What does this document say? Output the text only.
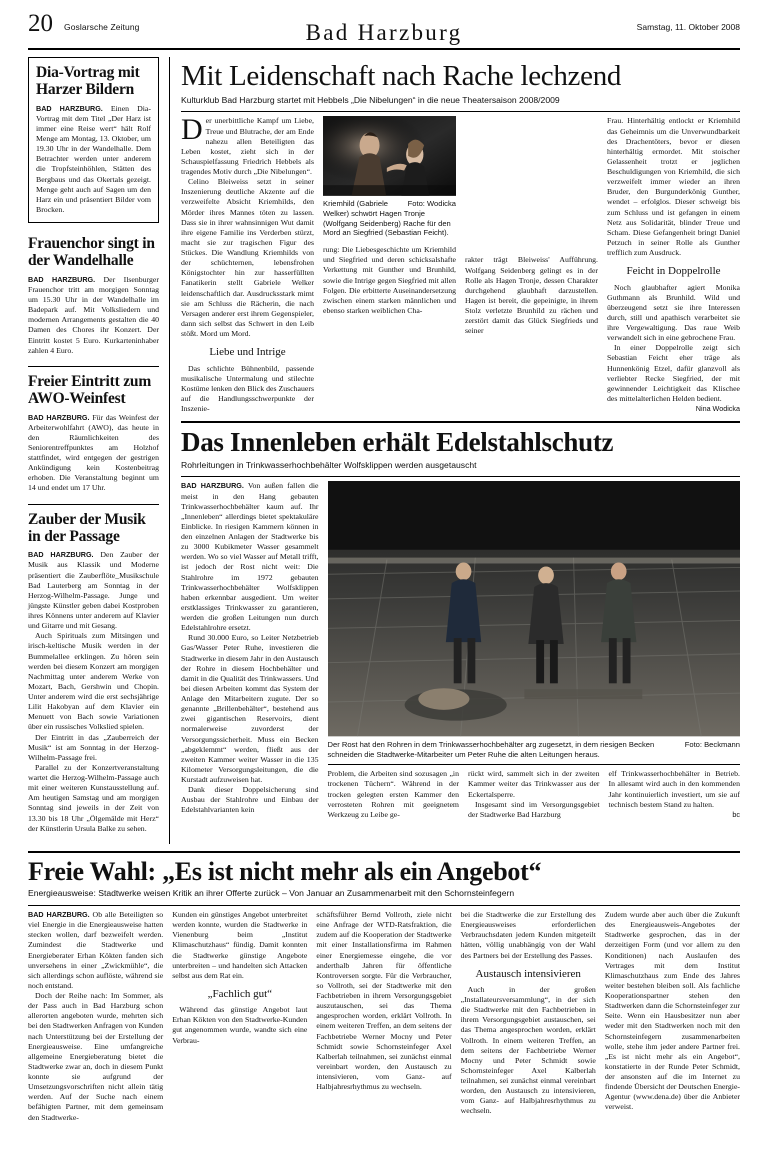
20 Goslarsche Zeitung	Bad Harzburg	Samstag, 11. Oktober 2008
Dia-Vortrag mit Harzer Bildern
BAD HARZBURG. Einen Dia-Vortrag mit dem Titel „Der Harz ist immer eine Reise wert“ hält Rolf Menge am Montag, 13. Oktober, um 19.30 Uhr in der Wandelhalle. Dem Betrachter werden unter anderem die Tropfsteinhöhlen, Stätten des Bergbaus und das Okertals gezeigt. Menge geht auch auf Sagen um den Harz ein und präsentiert Bilder vom Brocken.
Frauenchor singt in der Wandelhalle
BAD HARZBURG. Der Ilsenburger Frauenchor tritt am morgigen Sonntag um 15.30 Uhr in der Wandelhalle im Badepark auf. Mit Volksliedern und modernen Arrangements gestalten die 40 Damen des Chores ihr Konzert. Der Eintritt kostet 5 Euro. Kurkarteninhaber zahlen 4 Euro.
Freier Eintritt zum AWO-Weinfest
BAD HARZBURG. Für das Weinfest der Arbeiterwohlfahrt (AWO), das heute in den Räumlichkeiten des Seniorentreffpunktes am Holzhof stattfindet, wird entgegen der gestrigen Ankündigung kein Kostenbeitrag erhoben. Die Veranstaltung beginnt um 14 und endet um 17 Uhr.
Zauber der Musik in der Passage

BAD HARZBURG. Den Zauber der Musik aus Klassik und Moderne präsentiert die Zauberflöte_Musikschule Bad Lauterberg am Sonntag in der Herzog-Wilhelm-Passage. Junge und jüngste Künstler geben dabei Kostproben ihres Könnens unter anderem auf Klavier und Gitarre und mit Gesang.

Auch Spirituals zum Mitsingen und irisch-keltische Musik werden in der Bummelallee erklingen. Zu hören sein werden bei diesem Konzert am morgigen Nachmittag unter anderem Werke von Mozart, Bach, Gershwin und Chopin. Unter anderem wird die erst sechsjährige Lilit Hakobyan auf dem Klavier ein Menuett von Bach sowie Variationen über ein russisches Volkslied spielen.

Der Eintritt in das „Zauberreich der Musik“ ist am Sonntag in der Herzog-Wilhelm-Passage frei.

Parallel zu der Konzertveranstaltung wartet die Herzog-Wilhelm-Passage auch mit einer weiteren Kunstausstellung auf. Am heutigen Samstag und am morgigen Sonntag sind jeweils in der Zeit von 13.30 bis 18 Uhr „Ölgemälde mit Herz“ der Künstlerin Ursula Balke zu sehen.

Mit Leidenschaft nach Rache lechzend
Kulturklub Bad Harzburg startet mit Hebbels „Die Nibelungen“ in die neue Theatersaison 2008/2009

Der unerbittliche Kampf um Liebe, Treue und Blutrache, der am Ende nahezu allen Beteiligten das Leben kostet, zieht sich in der Schauspielfassung Friedrich Hebbels als tragendes Motiv durch „Die Nibelungen“.

Celino Bleiweiss setzt in seiner Inszenierung deutliche Akzente auf die verzweifelte Absicht Kriemhilds, den Mörder ihres Mannes töten zu lassen. Dass sie in ihrer wahnsinnigen Wut damit ihre eigene Familie ins Verderben stürzt, macht sie zur tragischen Figur des Stückes. Die Wandlung Kriemhilds von der schüchternen, lebensfrohen Königstochter hin zur hasserfüllten Fanatikerin stellt Gabriele Welker leidenschaftlich dar. Ausdrucksstark mimt sie am Schluss die Rächerin, die nach Versagen anderer erst ihrem Gegenspieler, dann sich selbst das Schwert in den Leib stößt. Mord um Mord.

Liebe und Intrige

Das schlichte Bühnenbild, passende musikalische Untermalung und stilechte Kostüme lenken den Blick des Zuschauers auf die Handlungsschwerpunkte der Inszenie-

Foto: Wodicka
Kriemhild (Gabriele Welker) schwört Hagen Tronje (Wolfgang Seidenberg) Rache für den Mord an Siegfried (Sebastian Feicht).

rung: Die Liebesgeschichte um Kriemhild und Siegfried und deren schicksalshafte Verkettung mit Gunther und Brunhild, sowie die Intrige gegen Siegfried mit allen Folgen. Die erbitterte Auseinandersetzung zwischen einem starken männlichen und ebenso starken weiblichen Cha-

rakter trägt Bleiweiss' Aufführung. Wolfgang Seidenberg gelingt es in der Rolle als Hagen Tronje, dessen Charakter durchgehend glaubhaft darzustellen. Hagen ist bereit, die gepeinigte, in ihrem Stolz verletzte Brunhild zu rächen und zerstört damit das Glück Siegfrieds und seiner

Frau. Hinterhältig entlockt er Kriemhild das Geheimnis um die Unverwundbarkeit des Drachentöters, bevor er diesen hinterhältig ermordet. Mit stoischer Gelassenheit trotzt er jeglichen Beschuldigungen von Kriemhild, die sich verzweifelt immer wieder an ihren Bruder, den Burgunderkönig Gunther, wendet – erfolglos. Dieser schweigt bis zum Schluss und ist gefangen in einem Netz aus Solidarität, blinder Treue und Scham. Diese Gefangenheit bringt Daniel Petzuch in seiner Rolle als Gunther trefflich zum Ausdruck.

Feicht in Doppelrolle

Noch glaubhafter agiert Monika Guthmann als Brunhild. Wild und überzeugend setzt sie ihre Interessen durch, still und apathisch verarbeitet sie ihre Vergewaltigung. Das raue Weib verwandelt sich in eine gebrochene Frau.

In einer Doppelrolle zeigt sich Sebastian Feicht eher träge als Hunnenkönig Etzel, dafür glanzvoll als verliebter Recke Siegfried, der mit gewinnender Leichtigkeit das Klischee des mittelalterlichen Helden bedient.

Nina Wodicka
Das Innenleben erhält Edelstahlschutz
Rohrleitungen in Trinkwasserhochbehälter Wolfsklippen werden ausgetauscht

BAD HARZBURG. Von außen fallen die meist in den Hang gebauten Trinkwasserhochbehälter kaum auf. Ihr „Innenleben“ allerdings bietet spektakuläre Einblicke. In riesigen Kammern können in den einzelnen Anlagen der Stadtwerke bis zu 3000 Kubikmeter Wasser gesammelt werden. Wo so viel Wasser auf Metall trifft, ist jedoch der Rost nicht weit: Die Stahlrohre im 1972 gebauten Trinkwasserhochbehälter Wolfsklippen haben erkennbar ausgedient. Um weiter erstklassiges Trinkwasser zu garantieren, werden die großen Leitungen nun durch Edelstahlrohre ersetzt.

Rund 30.000 Euro, so Leiter Netzbetrieb Gas/Wasser Peter Ruhe, investieren die Stadtwerke in diesem Jahr in den Austausch der Rohre in diesem Hochbehälter und damit in die Qualität des Trinkwassers. Und bei diesen Arbeiten kommt das System der Anlage den Mitarbeitern zugute. Der so genannte „Brillenbehälter“, bestehend aus zwei gigantischen Reservoirs, dient normalerweise zuvorderst der Versorgungssicherheit. Muss ein Becken „abgeklemmt“ werden, fließt aus der zweiten Kammer weiter Wasser in die 135 Kilometer Versorgungsleitungen, die die Kurstadt aufzuweisen hat.

Dank dieser Doppelsicherung sind Ausbau der Stahlrohre und Einbau der Edelstahlvarianten kein

Foto: Beckmann
Der Rost hat den Rohren in dem Trinkwasserhochbehälter arg zugesetzt, in dem riesigen Becken schneiden die Stadtwerke-Mitarbeiter um Peter Ruhe die alten Leitungen heraus.

Problem, die Arbeiten sind sozusagen „in trockenen Tüchern“. Während in der trocken gelegten ersten Kammer den verrosteten Rohren mit geeignetem Werkzeug zu Leibe ge-

rückt wird, sammelt sich in der zweiten Kammer weiter das Trinkwasser aus der Eckertalsperre.

Insgesamt sind im Versorgungsgebiet der Stadtwerke Bad Harzburg

elf Trinkwasserhochbehälter in Betrieb. In allesamt wird auch in den kommenden Jahr kontinuierlich investiert, um sie auf technisch bestem Stand zu halten.

bc
Freie Wahl: „Es ist nicht mehr als ein Angebot“
Energieausweise: Stadtwerke weisen Kritik an ihrer Offerte zurück – Von Januar an Zusammenarbeit mit den Schornsteinfegern

BAD HARZBURG. Ob alle Beteiligten so viel Energie in die Energieausweise hatten stecken wollen, darf bezweifelt werden. Zumindest die Stadtwerke und Energieberater Erhan Kökten fanden sich unversehens in einer „Zwickmühle“, die sich allerdings schon auflöste, während sie noch entstand.

Doch der Reihe nach: Im Sommer, als der Pass auch in Bad Harzburg schon allerorten angeboten wurde, mehrten sich bei den Stadtwerken Anfragen von Kunden nach Unterstützung bei der Erstellung der Energieausweise. Eine umfangreiche allgemeine Energieberatung bietet die Stadtwerke zwar an, doch in diesem Punkt konnte sie aufgrund der Umsetzungsvorschriften nicht allein tätig werden. Auf der Suche nach einem befähigten Partner, mit dem gemeinsam den Stadtwerke-

Kunden ein günstiges Angebot unterbreitet werden konnte, wurden die Stadtwerke in Vienenburg beim „Institut Klimaschutzhaus“ fündig. Damit konnten die Stadtwerke günstige Angebote unterbreiten – und handelten sich Attacken selbst aus dem Rat ein.

„Fachlich gut“

Während das günstige Angebot laut Erhan Kökten von den Stadtwerke-Kunden gut angenommen wurde, wandte sich eine Verbrau-

schäftsführer Bernd Vollroth, ziele nicht eine Anfrage der WTD-Ratsfraktion, die zudem auf die Kooperation der Stadtwerke mit einer Installationsfirma im Rahmen einer Energiemesse eingehe, die vor anderthalb Jahren für öffentliche Kontroversen sorgte. Für die Verbraucher, so Vollroth, sei der Stadtwerke mit den Fachbetrieben in ihrem Versorgungsgebiet auszutauschen, sei das Thema angesprochen worden, erklärt Vollroth. In einem weiteren Treffen, an dem seitens der Fachbetriebe Werner Mocny und Peter Schmidt sowie Schornsteinfeger Axel Kalberlah teilnahmen, sei zunächst einmal vereinbart worden, den Austausch zu intensivieren, vom Ganz- auf Halbjahresrhythmus zu wechseln.

bei die Stadtwerke die zur Erstellung des Energieausweises erforderlichen Verbrauchsdaten jedem Kunden mitgeteilt hätten, völlig unabhängig von der Wahl des Partners bei der Erstellung des Passes.

Austausch intensivieren

Auch in der großen „Installateursversammlung“, in der sich die Stadtwerke mit den Fachbetrieben in ihrem Versorgungsgebiet austauschen, sei das Thema angesprochen worden, erklärt Vollroth. In einem weiteren Treffen, an dem seitens der Fachbetriebe Werner Mocny und Peter Schmidt sowie Schornsteinfeger Axel Kalberlah teilnahmen, sei zunächst einmal vereinbart worden, den Austausch zu intensivieren, vom Ganz- auf Halbjahresrhythmus zu wechseln.

Zudem wurde aber auch über die Zukunft des Energieausweis-Angebotes der Stadtwerke gesprochen, das in der derzeitigen Form (und vor allem zu den Konditionen) nach Auslaufen des Vertrages mit dem Institut Klimaschutzhaus zum Ende des Jahres weiter bestehen bleiben soll. Als fachliche Kooperationspartner stehen den Stadtwerken dann die Schornsteinfeger zur Seite. Wenn ein Hausbesitzer nun aber weder mit den Stadtwerken noch mit den Schornsteinfegern zusammenarbeiten wolle, stehe ihm jeder andere Partner frei. „Es ist nicht mehr als ein Angebot“, konstatierte in der Runde Peter Schmidt, der ansonsten auf die im Internet zu findende Übersicht der Deutschen Energie-Agentur (www.dena.de) über die Anbieter verweist.
